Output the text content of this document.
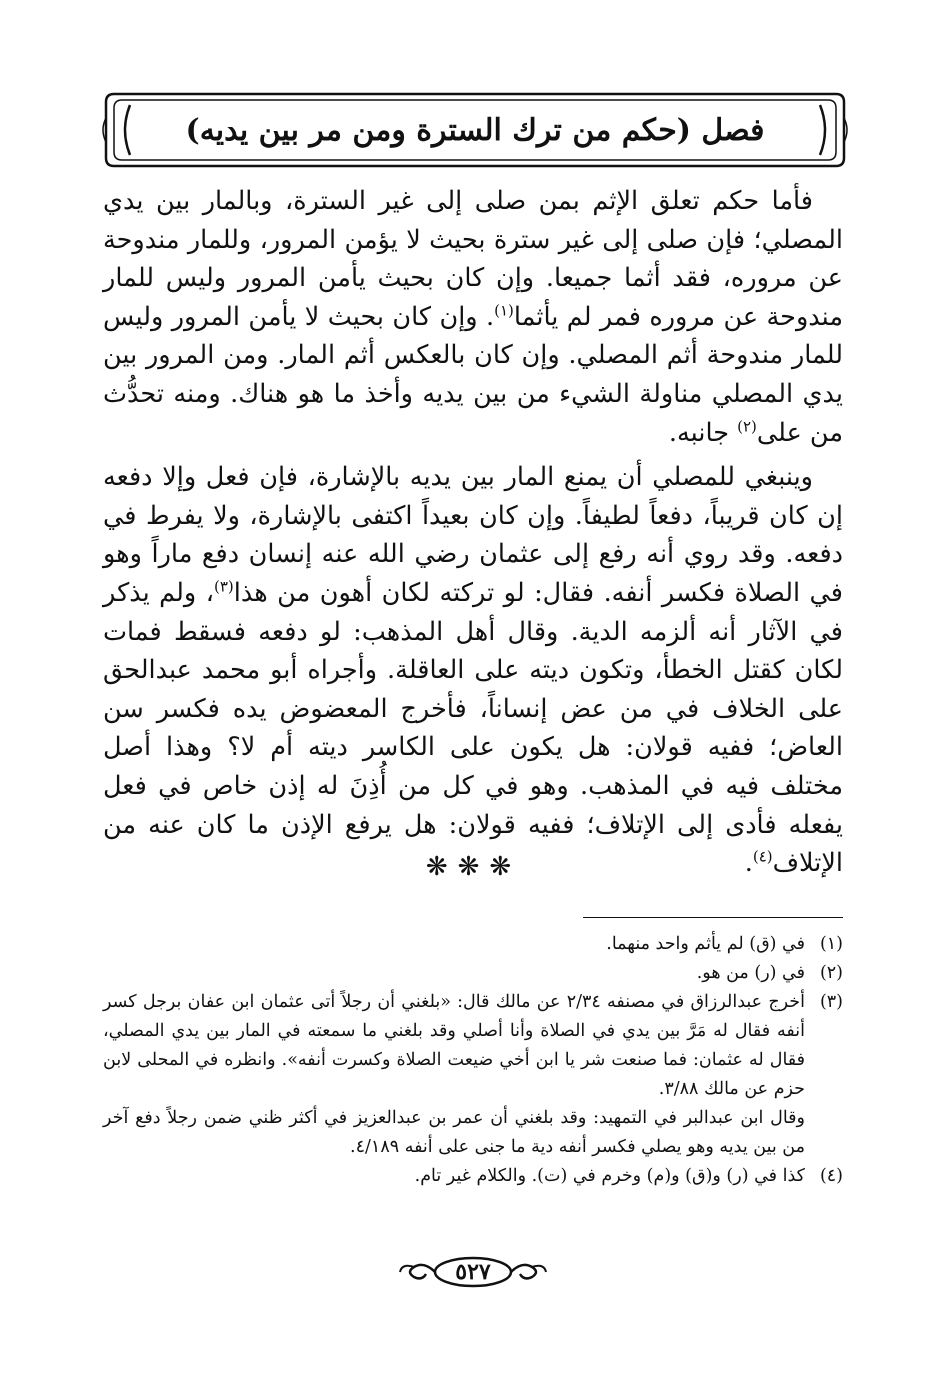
فصل (حكم من ترك السترة ومن مر بين يديه)

فأما حكم تعلق الإثم بمن صلى إلى غير السترة، وبالمار بين يدي المصلي؛ فإن صلى إلى غير سترة بحيث لا يؤمن المرور، وللمار مندوحة عن مروره، فقد أثما جميعا. وإن كان بحيث يأمن المرور وليس للمار مندوحة عن مروره فمر لم يأثما$^{(١)}$. وإن كان بحيث لا يأمن المرور وليس للمار مندوحة أثم المصلي. وإن كان بالعكس أثم المار. ومن المرور بين يدي المصلي مناولة الشيء من بين يديه وأخذ ما هو هناك. ومنه تحدُّث من على$^{(٢)}$ جانبه.

وينبغي للمصلي أن يمنع المار بين يديه بالإشارة، فإن فعل وإلا دفعه إن كان قريباً، دفعاً لطيفاً. وإن كان بعيداً اكتفى بالإشارة، ولا يفرط في دفعه. وقد روي أنه رفع إلى عثمان رضي الله عنه إنسان دفع ماراً وهو في الصلاة فكسر أنفه. فقال: لو تركته لكان أهون من هذا$^{(٣)}$، ولم يذكر في الآثار أنه ألزمه الدية. وقال أهل المذهب: لو دفعه فسقط فمات لكان كقتل الخطأ، وتكون ديته على العاقلة. وأجراه أبو محمد عبدالحق على الخلاف في من عض إنساناً، فأخرج المعضوض يده فكسر سن العاض؛ ففيه قولان: هل يكون على الكاسر ديته أم لا؟ وهذا أصل مختلف فيه في المذهب. وهو في كل من أُذِنَ له إذن خاص في فعل يفعله فأدى إلى الإتلاف؛ ففيه قولان: هل يرفع الإذن ما كان عنه من الإتلاف$^{(٤)}$.

❋❋❋
(١)
في (ق) لم يأثم واحد منهما.
(٢)
في (ر) من هو.
(٣)
أخرج عبدالرزاق في مصنفه ٢/٣٤ عن مالك قال: «بلغني أن رجلاً أتى عثمان ابن عفان برجل كسر أنفه فقال له مَرَّ بين يدي في الصلاة وأنا أصلي وقد بلغني ما سمعته في المار بين يدي المصلي، فقال له عثمان: فما صنعت شر يا ابن أخي ضيعت الصلاة وكسرت أنفه». وانظره في المحلى لابن حزم عن مالك ٣/٨٨.
وقال ابن عبدالبر في التمهيد: وقد بلغني أن عمر بن عبدالعزيز في أكثر ظني ضمن رجلاً دفع آخر من بين يديه وهو يصلي فكسر أنفه دية ما جنى على أنفه ٤/١٨٩.
(٤)
كذا في (ر) و(ق) و(م) وخرم في (ت). والكلام غير تام.
٥٢٧
